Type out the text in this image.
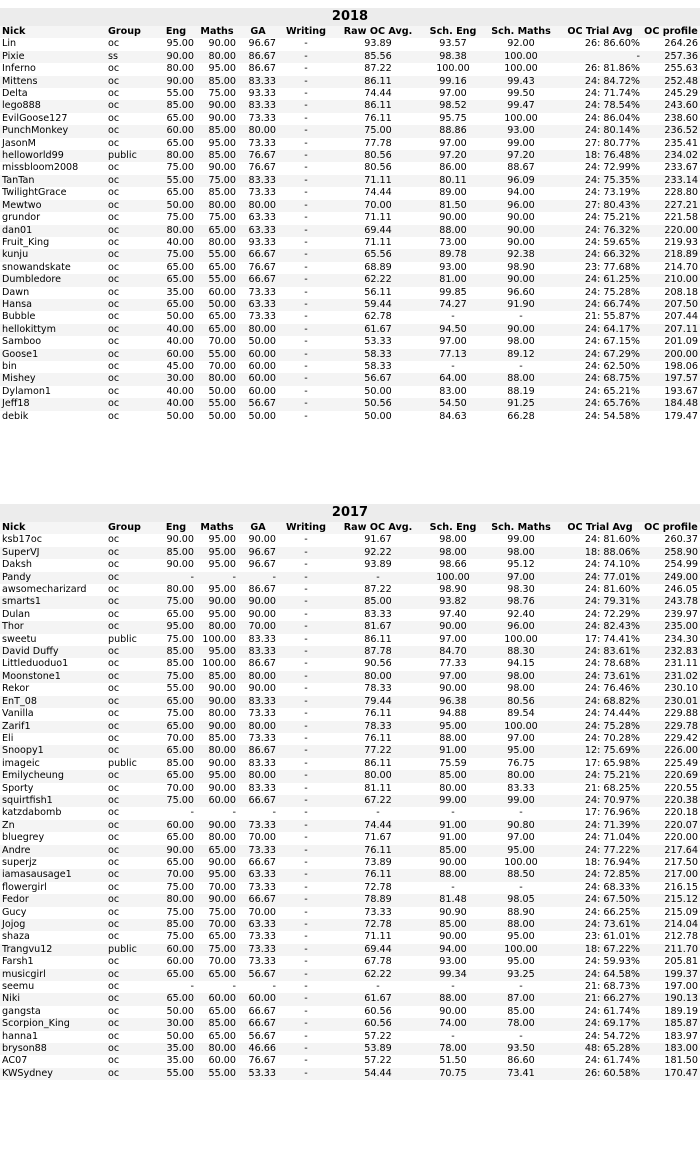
2018
Nick	Group	Eng	Maths	GA	Writing	Raw OC Avg.	Sch. Eng	Sch. Maths	OC Trial Avg	OC profile
Lin	oc	95.00	90.00	96.67	-	93.89	93.57	92.00	26: 86.60%	264.26
Pixie	ss	90.00	80.00	86.67	-	85.56	98.38	100.00	-	257.36
Inferno	oc	80.00	95.00	86.67	-	87.22	100.00	100.00	26: 81.86%	255.63
Mittens	oc	90.00	85.00	83.33	-	86.11	99.16	99.43	24: 84.72%	252.48
Delta	oc	55.00	75.00	93.33	-	74.44	97.00	99.50	24: 71.74%	245.29
lego888	oc	85.00	90.00	83.33	-	86.11	98.52	99.47	24: 78.54%	243.60
EvilGoose127	oc	65.00	90.00	73.33	-	76.11	95.75	100.00	24: 86.04%	238.60
PunchMonkey	oc	60.00	85.00	80.00	-	75.00	88.86	93.00	24: 80.14%	236.52
JasonM	oc	65.00	95.00	73.33	-	77.78	97.00	99.00	27: 80.77%	235.41
helloworld99	public	80.00	85.00	76.67	-	80.56	97.20	97.20	18: 76.48%	234.02
missbloom2008	oc	75.00	90.00	76.67	-	80.56	86.00	88.67	24: 72.99%	233.67
TanTan	oc	55.00	75.00	83.33	-	71.11	80.11	96.09	24: 75.35%	233.14
TwilightGrace	oc	65.00	85.00	73.33	-	74.44	89.00	94.00	24: 73.19%	228.80
Mewtwo	oc	50.00	80.00	80.00	-	70.00	81.50	96.00	27: 80.43%	227.21
grundor	oc	75.00	75.00	63.33	-	71.11	90.00	90.00	24: 75.21%	221.58
dan01	oc	80.00	65.00	63.33	-	69.44	88.00	90.00	24: 76.32%	220.00
Fruit_King	oc	40.00	80.00	93.33	-	71.11	73.00	90.00	24: 59.65%	219.93
kunju	oc	75.00	55.00	66.67	-	65.56	89.78	92.38	24: 66.32%	218.89
snowandskate	oc	65.00	65.00	76.67	-	68.89	93.00	98.90	23: 77.68%	214.70
Dumbledore	oc	65.00	55.00	66.67	-	62.22	81.00	90.00	24: 61.25%	210.00
Dawn	oc	35.00	60.00	73.33	-	56.11	99.85	96.60	24: 75.28%	208.18
Hansa	oc	65.00	50.00	63.33	-	59.44	74.27	91.90	24: 66.74%	207.50
Bubble	oc	50.00	65.00	73.33	-	62.78	-	-	21: 55.87%	207.44
hellokittym	oc	40.00	65.00	80.00	-	61.67	94.50	90.00	24: 64.17%	207.11
Samboo	oc	40.00	70.00	50.00	-	53.33	97.00	98.00	24: 67.15%	201.09
Goose1	oc	60.00	55.00	60.00	-	58.33	77.13	89.12	24: 67.29%	200.00
bin	oc	45.00	70.00	60.00	-	58.33	-	-	24: 62.50%	198.06
Mishey	oc	30.00	80.00	60.00	-	56.67	64.00	88.00	24: 68.75%	197.57
Dylamon1	oc	40.00	50.00	60.00	-	50.00	83.00	88.19	24: 65.21%	193.67
Jeff18	oc	40.00	55.00	56.67	-	50.56	54.50	91.25	24: 65.76%	184.48
debik	oc	50.00	50.00	50.00	-	50.00	84.63	66.28	24: 54.58%	179.47
2017
Nick	Group	Eng	Maths	GA	Writing	Raw OC Avg.	Sch. Eng	Sch. Maths	OC Trial Avg	OC profile
ksb17oc	oc	90.00	95.00	90.00	-	91.67	98.00	99.00	24: 81.60%	260.37
SuperVJ	oc	85.00	95.00	96.67	-	92.22	98.00	98.00	18: 88.06%	258.90
Daksh	oc	90.00	95.00	96.67	-	93.89	98.66	95.12	24: 74.10%	254.99
Pandy	oc	-	-	-	-	-	100.00	97.00	24: 77.01%	249.00
awsomecharizard	oc	80.00	95.00	86.67	-	87.22	98.90	98.30	24: 81.60%	246.05
smarts1	oc	75.00	90.00	90.00	-	85.00	93.82	98.76	24: 79.31%	243.78
Dulan	oc	65.00	95.00	90.00	-	83.33	97.40	92.40	24: 72.29%	239.97
Thor	oc	95.00	80.00	70.00	-	81.67	90.00	96.00	24: 82.43%	235.00
sweetu	public	75.00	100.00	83.33	-	86.11	97.00	100.00	17: 74.41%	234.30
David Duffy	oc	85.00	95.00	83.33	-	87.78	84.70	88.30	24: 83.61%	232.83
Littleduoduo1	oc	85.00	100.00	86.67	-	90.56	77.33	94.15	24: 78.68%	231.11
Moonstone1	oc	75.00	85.00	80.00	-	80.00	97.00	98.00	24: 73.61%	231.02
Rekor	oc	55.00	90.00	90.00	-	78.33	90.00	98.00	24: 76.46%	230.10
EnT_08	oc	65.00	90.00	83.33	-	79.44	96.38	80.56	24: 68.82%	230.01
Vanilla	oc	75.00	80.00	73.33	-	76.11	94.88	89.54	24: 74.44%	229.88
Zarif1	oc	65.00	90.00	80.00	-	78.33	95.00	100.00	24: 75.28%	229.78
Eli	oc	70.00	85.00	73.33	-	76.11	88.00	97.00	24: 70.28%	229.42
Snoopy1	oc	65.00	80.00	86.67	-	77.22	91.00	95.00	12: 75.69%	226.00
imageic	public	85.00	90.00	83.33	-	86.11	75.59	76.75	17: 65.98%	225.49
Emilycheung	oc	65.00	95.00	80.00	-	80.00	85.00	80.00	24: 75.21%	220.69
Sporty	oc	70.00	90.00	83.33	-	81.11	80.00	83.33	21: 68.25%	220.55
squirtfish1	oc	75.00	60.00	66.67	-	67.22	99.00	99.00	24: 70.97%	220.38
katzdabomb	oc	-	-	-	-	-	-	-	17: 76.96%	220.18
Zn	oc	60.00	90.00	73.33	-	74.44	91.00	90.80	24: 71.39%	220.07
bluegrey	oc	65.00	80.00	70.00	-	71.67	91.00	97.00	24: 71.04%	220.00
Andre	oc	90.00	65.00	73.33	-	76.11	85.00	95.00	24: 77.22%	217.64
superjz	oc	65.00	90.00	66.67	-	73.89	90.00	100.00	18: 76.94%	217.50
iamasausage1	oc	70.00	95.00	63.33	-	76.11	88.00	88.50	24: 72.85%	217.00
flowergirl	oc	75.00	70.00	73.33	-	72.78	-	-	24: 68.33%	216.15
Fedor	oc	80.00	90.00	66.67	-	78.89	81.48	98.05	24: 67.50%	215.12
Gucy	oc	75.00	75.00	70.00	-	73.33	90.90	88.90	24: 66.25%	215.09
Jojog	oc	85.00	70.00	63.33	-	72.78	85.00	88.00	24: 73.61%	214.04
shaza	oc	75.00	65.00	73.33	-	71.11	90.00	95.00	23: 61.01%	212.78
Trangvu12	public	60.00	75.00	73.33	-	69.44	94.00	100.00	18: 67.22%	211.70
Farsh1	oc	60.00	70.00	73.33	-	67.78	93.00	95.00	24: 59.93%	205.81
musicgirl	oc	65.00	65.00	56.67	-	62.22	99.34	93.25	24: 64.58%	199.37
seemu	oc	-	-	-	-	-	-	-	21: 68.73%	197.00
Niki	oc	65.00	60.00	60.00	-	61.67	88.00	87.00	21: 66.27%	190.13
gangsta	oc	50.00	65.00	66.67	-	60.56	90.00	85.00	24: 61.74%	189.19
Scorpion_King	oc	30.00	85.00	66.67	-	60.56	74.00	78.00	24: 69.17%	185.87
hanna1	oc	50.00	65.00	56.67	-	57.22	-	-	24: 54.72%	183.97
bryson88	oc	35.00	80.00	46.66	-	53.89	78.00	93.50	48: 65.28%	183.00
AC07	oc	35.00	60.00	76.67	-	57.22	51.50	86.60	24: 61.74%	181.50
KWSydney	oc	55.00	55.00	53.33	-	54.44	70.75	73.41	26: 60.58%	170.47
